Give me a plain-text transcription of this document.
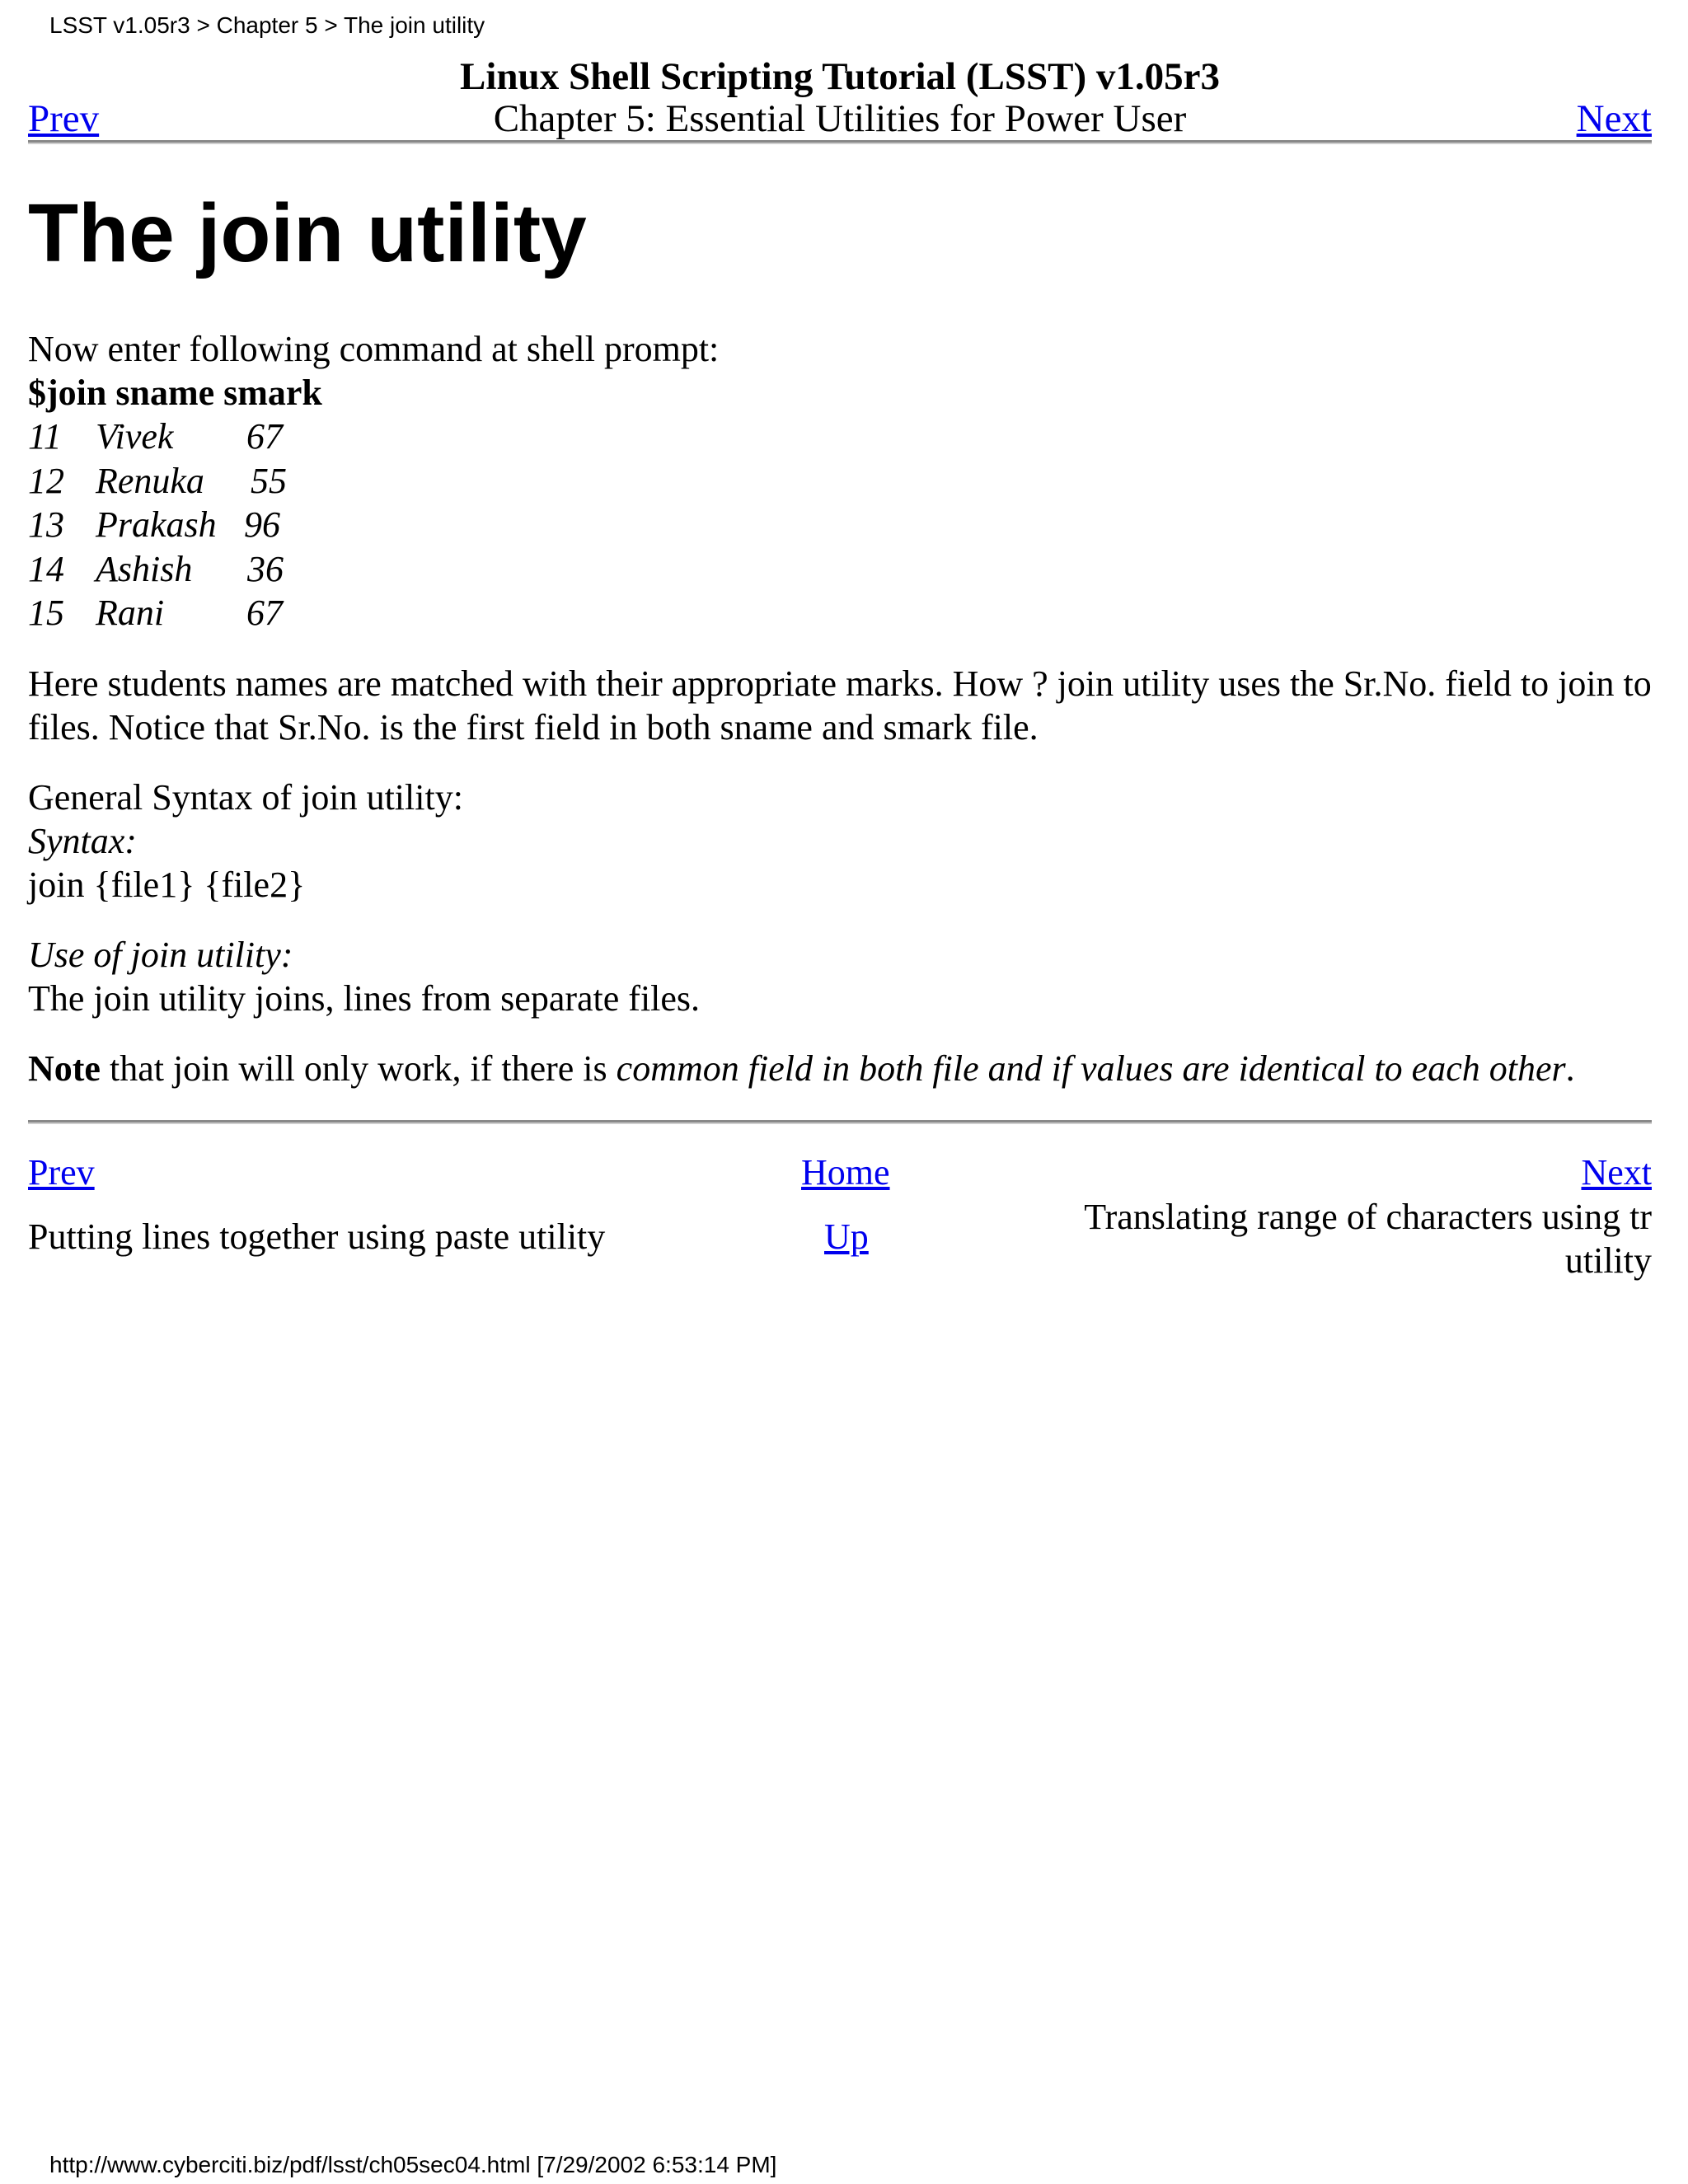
LSST v1.05r3 > Chapter 5 > The join utility
Linux Shell Scripting Tutorial (LSST) v1.05r3
Chapter 5: Essential Utilities for Power User
Prev	Next
The join utility
Now enter following command at shell prompt:
$join sname smark
11 Vivek 67
12 Renuka 55
13 Prakash 96
14 Ashish 36
15 Rani 67
Here students names are matched with their appropriate marks. How ? join utility uses the Sr.No. field to join to files. Notice that Sr.No. is the first field in both sname and smark file.
General Syntax of join utility:
Syntax:
join {file1} {file2}
Use of join utility:
The join utility joins, lines from separate files.
Note that join will only work, if there is common field in both file and if values are identical to each other.
Prev	Home	Next
Putting lines together using paste utility	Up	Translating range of characters using tr
utility
http://www.cyberciti.biz/pdf/lsst/ch05sec04.html [7/29/2002 6:53:14 PM]
